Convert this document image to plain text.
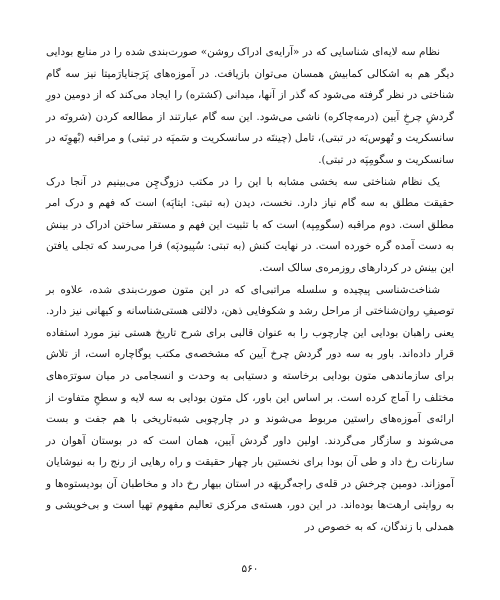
نظام سه لایه‌ای شناسایی که در «آرایه‌ی ادراک روشن» صورت‌بندی شده را در منابع بودایی دیگر هم به اشکالی کمابیش همسان می‌توان بازیافت. در آموزه‌های پَرَجنایارَمیتا نیز سه گام شناختی در نظر گرفته می‌شود که گذر از آنها، میدانی (کشتره) را ایجاد می‌کند که از دومین دورِ گردشِ چرخِ آیین (درمه‌چاکره) ناشی می‌شود. این سه گام عبارتند از مطالعه کردن (شروتَه در سانسکریت و تُهوس‌بَه در تبتی)، تامل (چینتَه در سانسکریت و سَمپَه در تبتی) و مراقبه (بْهوِنَه در سانسکریت و سگومِپَه در تبتی).

یک نظام شناختی سه بخشی مشابه با این را در مکتب دزوگ‌چِن می‌بینیم در آنجا درک حقیقت مطلق به سه گام نیاز دارد. نخست، دیدن (به تبتی: ایتاپَه) است که فهم و درک امر مطلق است. دوم مراقبه (سگومِپه) است که با تثبیت این فهم و مستقر ساختن ادراک در بینش به دست آمده گره خورده است. در نهایت کنش (به تبتی: سُپیودپَه) فرا می‌رسد که تجلی یافتن این بینش در کردارهای روزمره‌ی سالک است.

شناخت‌شناسی پیچیده و سلسله مراتبی‌ای که در این متون صورت‌بندی شده، علاوه بر توصیفِ روان‌شناختی از مراحل رشد و شکوفایی ذهن، دلالتی هستی‌شناسانه و کیهانی نیز دارد. یعنی راهبان بودایی این چارچوب را به عنوان قالبی برای شرح تاریخ هستی نیز مورد استفاده قرار داده‌اند. باور به سه دور گردش چرخ آیین که مشخصه‌ی مکتب یوگاچاره است، از تلاش برای سازماندهی متون بودایی برخاسته و دستیابی به وحدت و انسجامی در میان سوترَه‌های مختلف را آماج کرده است. بر اساس این باور، کل متون بودایی به سه لایه و سطحِ متفاوت از ارائه‌ی آموزه‌های راستین مربوط می‌شوند و در چارچوبی شبه‌تاریخی با هم جفت و بست می‌شوند و سازگار می‌گردند. اولین داور گردش آیین، همان است که در بوستان آهوان در سارنات رخ داد و طی آن بودا برای نخستین بار چهار حقیقت و راه رهایی از رنج را به نیوشایان آموزاند. دومین چرخش در قله‌ی راجه‌گریهَه در استان بیهار رخ داد و مخاطبان آن بودیستوه‌ها و به روایتی ارهت‌ها بوده‌اند. در این دور، هسته‌ی مرکزی تعالیم مفهوم تهیا است و بی‌خویشی و همدلی با زندگان، که به خصوص در

۵۶۰
